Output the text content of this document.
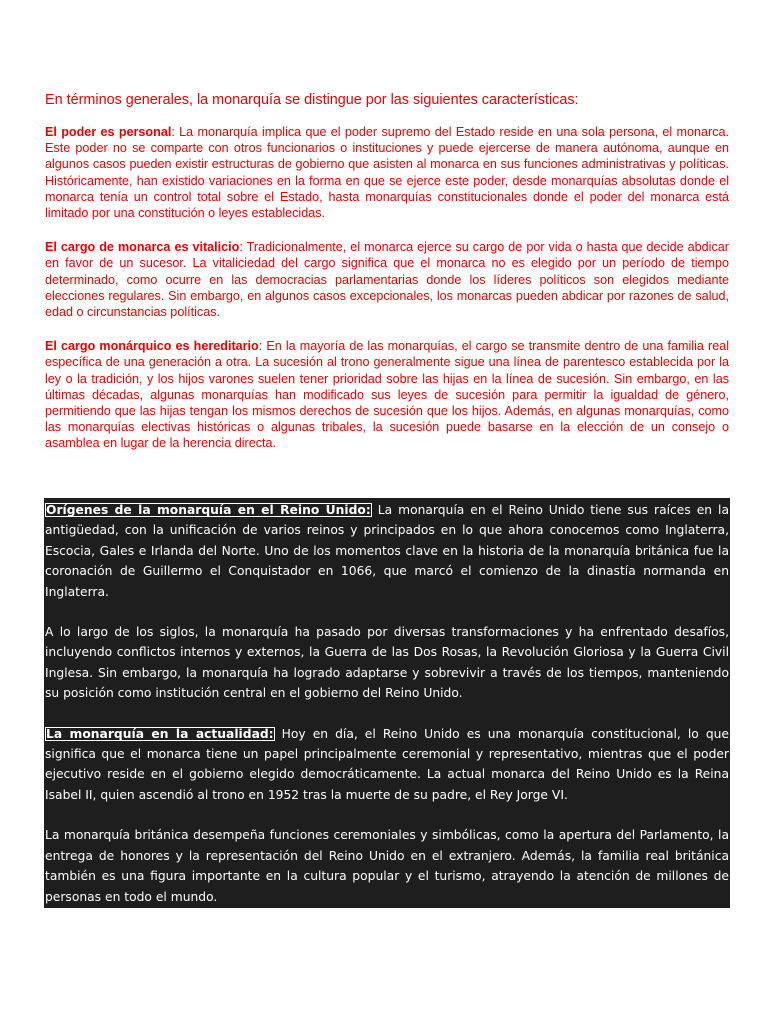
En términos generales, la monarquía se distingue por las siguientes características:

El poder es personal: La monarquía implica que el poder supremo del Estado reside en una sola persona, el monarca. Este poder no se comparte con otros funcionarios o instituciones y puede ejercerse de manera autónoma, aunque en algunos casos pueden existir estructuras de gobierno que asisten al monarca en sus funciones administrativas y políticas. Históricamente, han existido variaciones en la forma en que se ejerce este poder, desde monarquías absolutas donde el monarca tenía un control total sobre el Estado, hasta monarquías constitucionales donde el poder del monarca está limitado por una constitución o leyes establecidas.

El cargo de monarca es vitalicio: Tradicionalmente, el monarca ejerce su cargo de por vida o hasta que decide abdicar en favor de un sucesor. La vitaliciedad del cargo significa que el monarca no es elegido por un período de tiempo determinado, como ocurre en las democracias parlamentarias donde los líderes políticos son elegidos mediante elecciones regulares. Sin embargo, en algunos casos excepcionales, los monarcas pueden abdicar por razones de salud, edad o circunstancias políticas.

El cargo monárquico es hereditario: En la mayoría de las monarquías, el cargo se transmite dentro de una familia real específica de una generación a otra. La sucesión al trono generalmente sigue una línea de parentesco establecida por la ley o la tradición, y los hijos varones suelen tener prioridad sobre las hijas en la línea de sucesión. Sin embargo, en las últimas décadas, algunas monarquías han modificado sus leyes de sucesión para permitir la igualdad de género, permitiendo que las hijas tengan los mismos derechos de sucesión que los hijos. Además, en algunas monarquías, como las monarquías electivas históricas o algunas tribales, la sucesión puede basarse en la elección de un consejo o asamblea en lugar de la herencia directa.

Orígenes de la monarquía en el Reino Unido: La monarquía en el Reino Unido tiene sus raíces en la antigüedad, con la unificación de varios reinos y principados en lo que ahora conocemos como Inglaterra, Escocia, Gales e Irlanda del Norte. Uno de los momentos clave en la historia de la monarquía británica fue la coronación de Guillermo el Conquistador en 1066, que marcó el comienzo de la dinastía normanda en Inglaterra.

A lo largo de los siglos, la monarquía ha pasado por diversas transformaciones y ha enfrentado desafíos, incluyendo conflictos internos y externos, la Guerra de las Dos Rosas, la Revolución Gloriosa y la Guerra Civil Inglesa. Sin embargo, la monarquía ha logrado adaptarse y sobrevivir a través de los tiempos, manteniendo su posición como institución central en el gobierno del Reino Unido.

La monarquía en la actualidad: Hoy en día, el Reino Unido es una monarquía constitucional, lo que significa que el monarca tiene un papel principalmente ceremonial y representativo, mientras que el poder ejecutivo reside en el gobierno elegido democráticamente. La actual monarca del Reino Unido es la Reina Isabel II, quien ascendió al trono en 1952 tras la muerte de su padre, el Rey Jorge VI.

La monarquía británica desempeña funciones ceremoniales y simbólicas, como la apertura del Parlamento, la entrega de honores y la representación del Reino Unido en el extranjero. Además, la familia real británica también es una figura importante en la cultura popular y el turismo, atrayendo la atención de millones de personas en todo el mundo.
